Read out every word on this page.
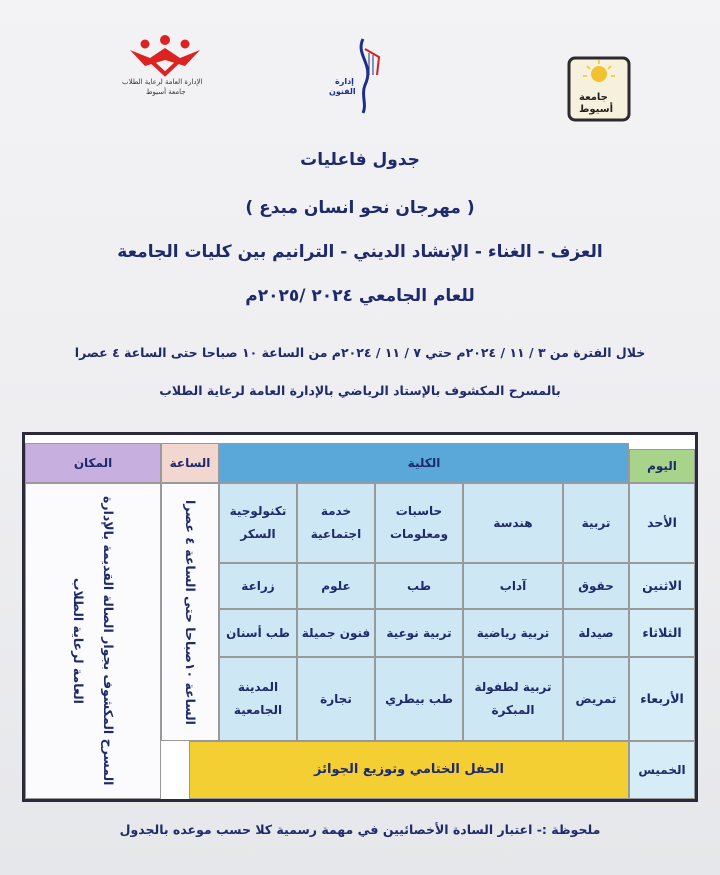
الإدارة العامة لرعاية الطلاب
جامعة أسيوط
إدارة
الفنون
جامعة
أسيوط
جدول فاعليات
( مهرجان نحو انسان مبدع )
العزف - الغناء - الإنشاد الديني - الترانيم بين كليات الجامعة
للعام الجامعي ٢٠٢٤ /٢٠٢٥م
خلال الفترة من ٣ / ١١ / ٢٠٢٤م حتي ٧ / ١١ / ٢٠٢٤م من الساعة ١٠ صباحا حتى الساعة ٤ عصرا
بالمسرح المكشوف بالإستاد الرياضي بالإدارة العامة لرعاية الطلاب
اليوم
الكلية
الساعة
المكان
الأحد
تربية
هندسة
حاسبات ومعلومات
خدمة اجتماعية
تكنولوجية السكر
الاثنين
حقوق
آداب
طب
علوم
زراعة
الثلاثاء
صيدلة
تربية رياضية
تربية نوعية
فنون جميلة
طب أسنان
الأربعاء
تمريض
تربية لطفولة المبكرة
طب بيطري
تجارة
المدينة الجامعية
الخميس
الحفل الختامي وتوزيع الجوائز
الساعة ١٠صباحا حتى الساعة ٤ عصرا
المسرح المكشوف بجوار الصالة القديمة بالإدارة العامة لرعاية الطلاب
ملحوظة :- اعتبار السادة الأخصائيين في مهمة رسمية كلا حسب موعده بالجدول
